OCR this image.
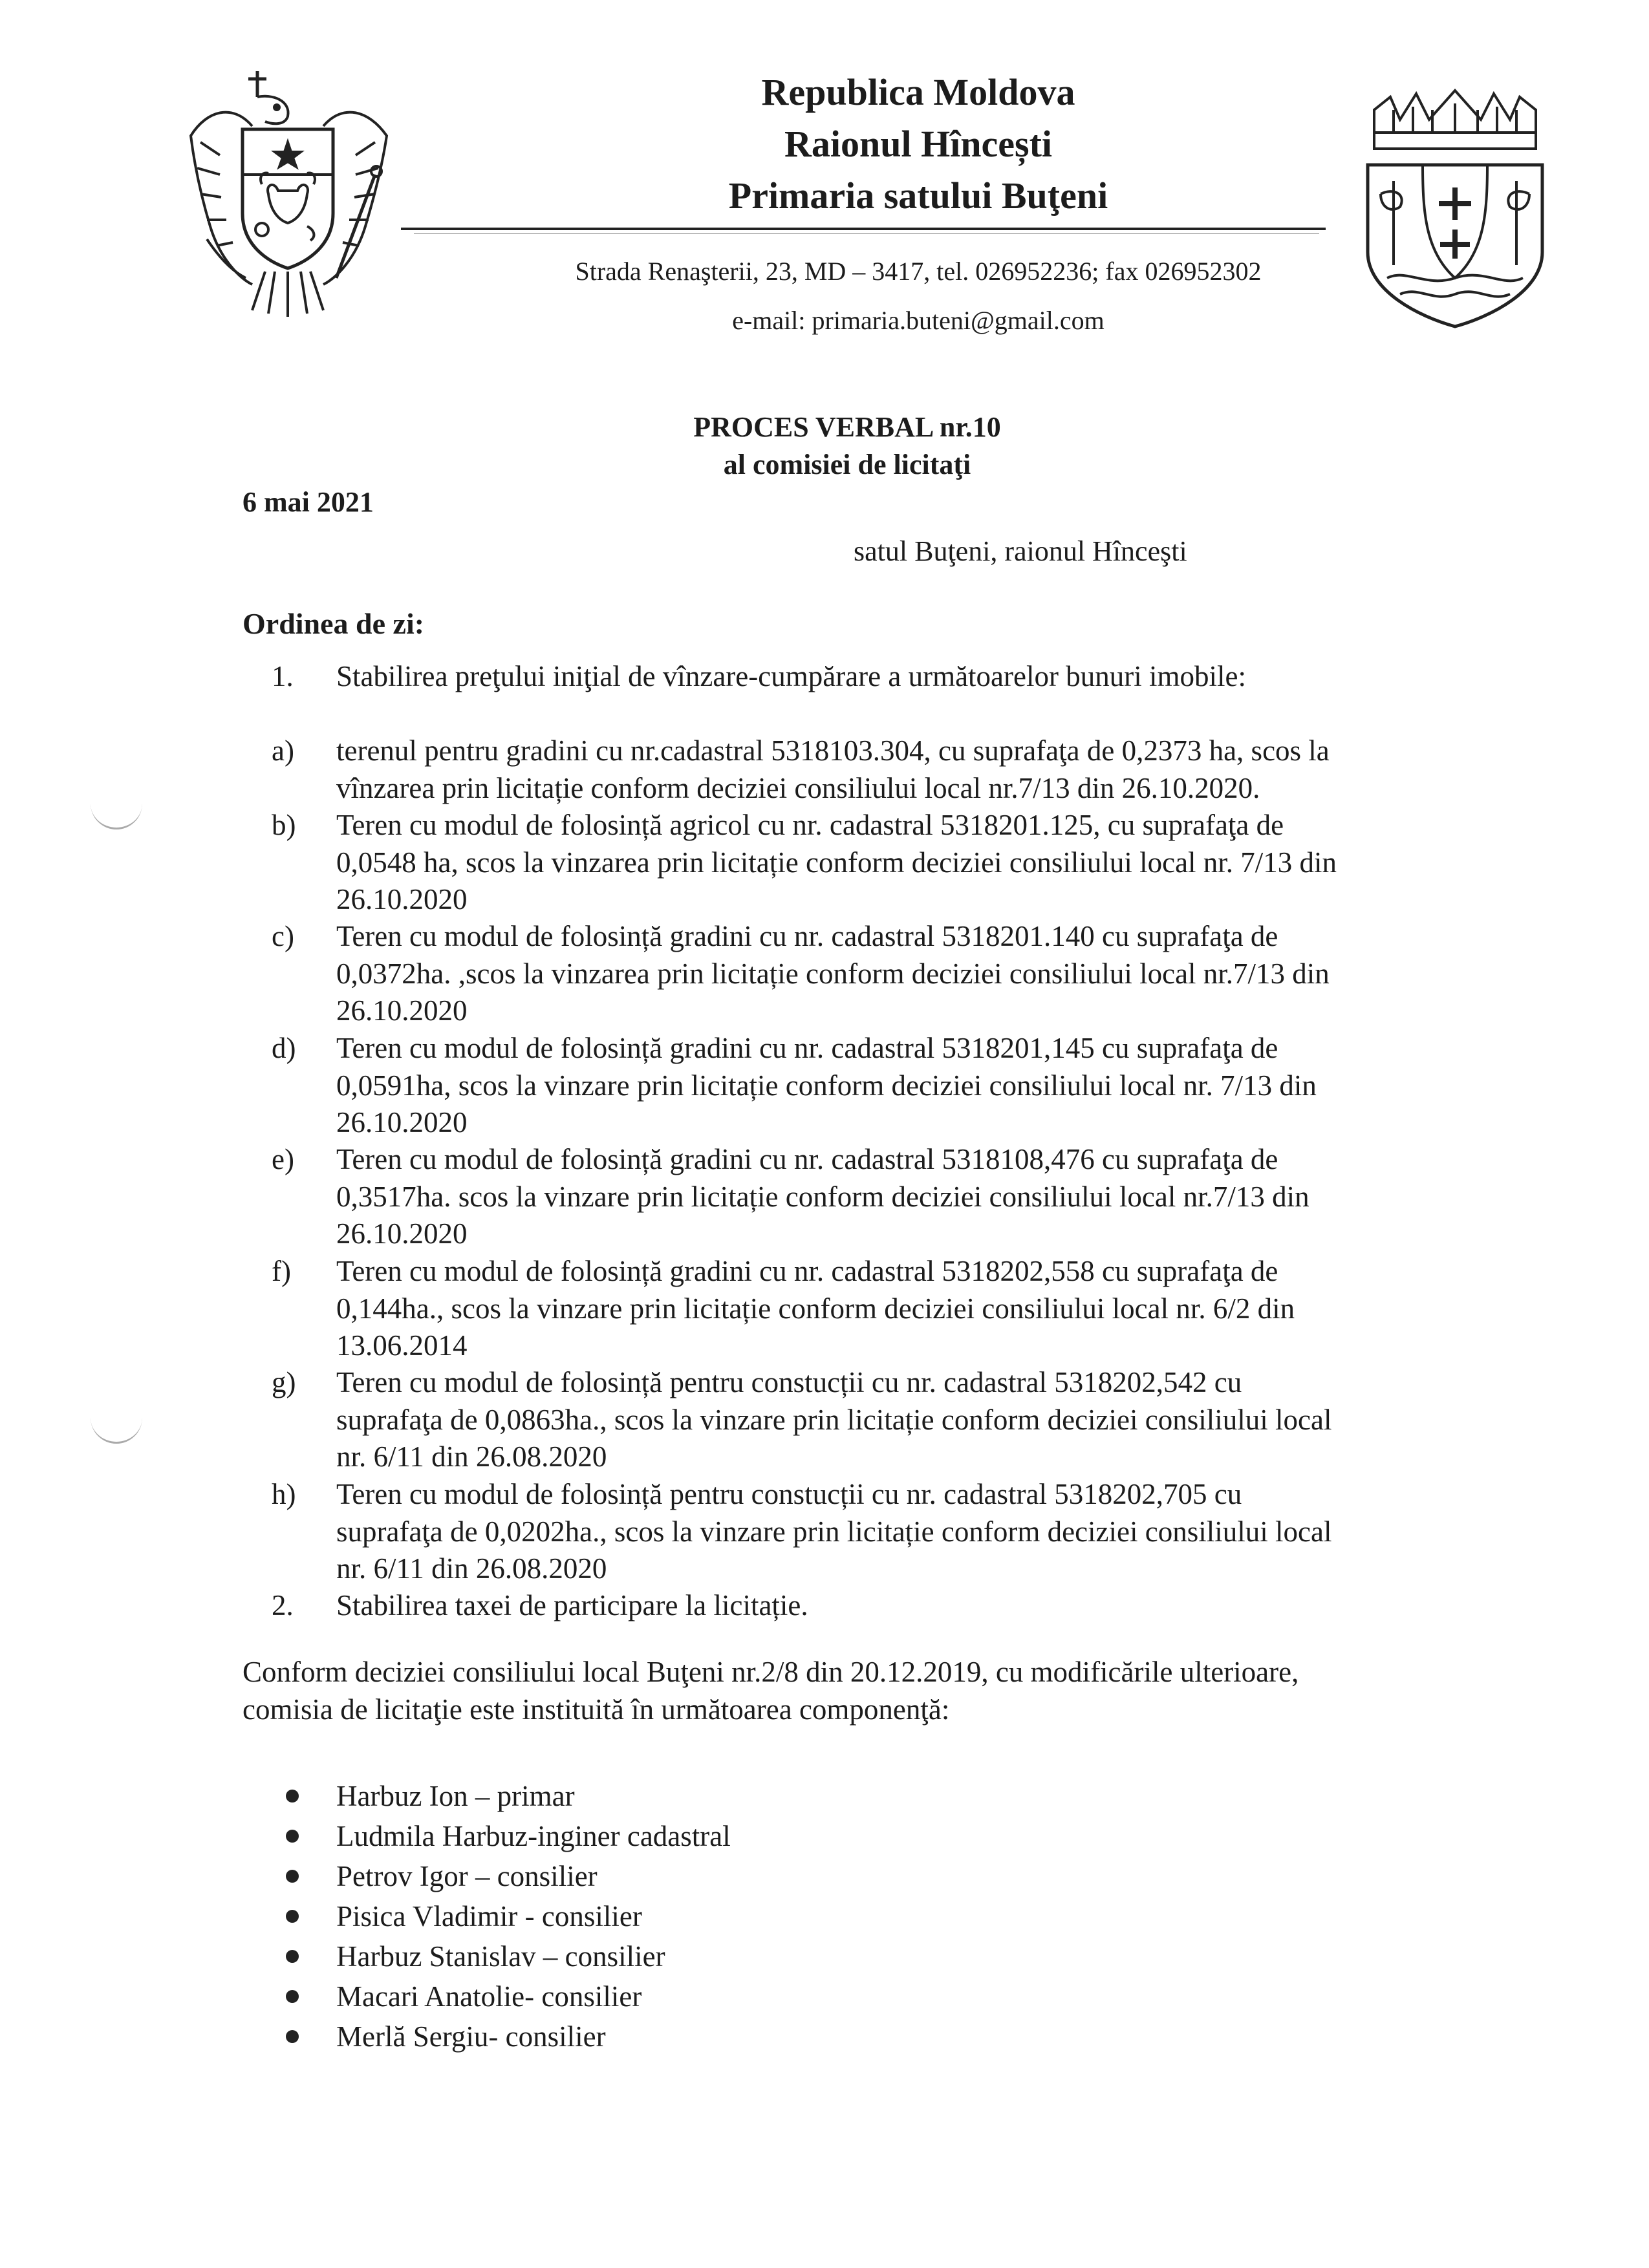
Republica Moldova
Raionul Hîncești
Primaria satului Buţeni
Strada Renaşterii, 23, MD – 3417, tel. 026952236; fax 026952302
e-mail: primaria.buteni@gmail.com
PROCES VERBAL nr.10
al comisiei de licitaţi
6 mai 2021
satul Buţeni, raionul Hînceşti
Ordinea de zi:
1.	Stabilirea preţului iniţial de vînzare-cumpărare a următoarelor bunuri imobile:
a)	terenul pentru gradini cu nr.cadastral 5318103.304, cu suprafaţa de 0,2373 ha, scos la
vînzarea prin licitație conform deciziei consiliului local nr.7/13 din 26.10.2020.
b)	Teren cu modul de folosință agricol cu nr. cadastral 5318201.125, cu suprafaţa de
0,0548 ha, scos la vinzarea prin licitație conform deciziei consiliului local nr. 7/13 din
26.10.2020
c)	Teren cu modul de folosință gradini cu nr. cadastral 5318201.140 cu suprafaţa de
0,0372ha. ,scos la vinzarea prin licitație conform deciziei consiliului local nr.7/13 din
26.10.2020
d)	Teren cu modul de folosință gradini cu nr. cadastral 5318201,145 cu suprafaţa de
0,0591ha, scos la vinzare prin licitație conform deciziei consiliului local nr. 7/13 din
26.10.2020
e)	Teren cu modul de folosință gradini cu nr. cadastral 5318108,476 cu suprafaţa de
0,3517ha. scos la vinzare prin licitație conform deciziei consiliului local nr.7/13 din
26.10.2020
f)	Teren cu modul de folosință gradini cu nr. cadastral 5318202,558 cu suprafaţa de
0,144ha., scos la vinzare prin licitație conform deciziei consiliului local nr. 6/2 din
13.06.2014
g)	Teren cu modul de folosință pentru constucții cu nr. cadastral 5318202,542 cu
suprafaţa de 0,0863ha., scos la vinzare prin licitație conform deciziei consiliului local
nr. 6/11 din 26.08.2020
h)	Teren cu modul de folosință pentru constucții cu nr. cadastral 5318202,705 cu
suprafaţa de 0,0202ha., scos la vinzare prin licitație conform deciziei consiliului local
nr. 6/11 din 26.08.2020
2.	Stabilirea taxei de participare la licitație.
Conform deciziei consiliului local Buţeni nr.2/8 din 20.12.2019, cu modificările ulterioare,
comisia de licitaţie este instituită în următoarea componenţă:
Harbuz Ion – primar
Ludmila Harbuz-inginer cadastral
Petrov Igor – consilier
Pisica Vladimir - consilier
Harbuz Stanislav – consilier
Macari Anatolie- consilier
Merlă Sergiu- consilier
